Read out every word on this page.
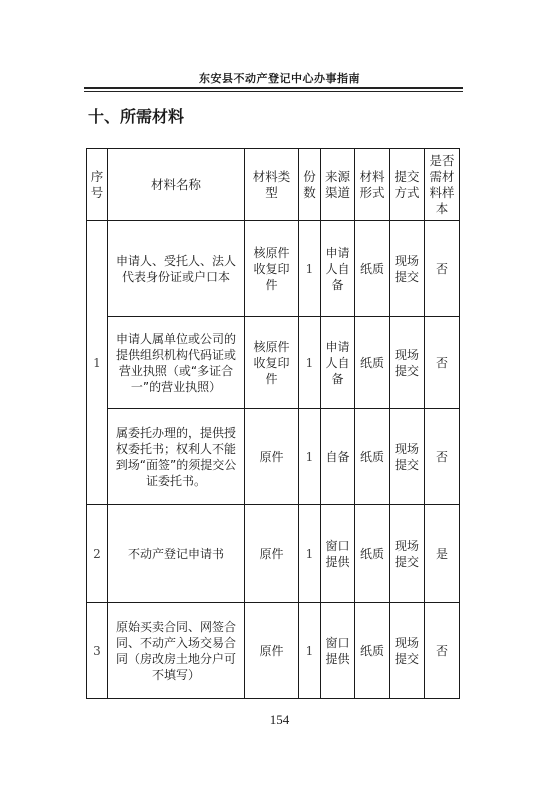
东安县不动产登记中心办事指南
十、所需材料
序号	材料名称	材料类型	份数	来源渠道	材料形式	提交方式	是否需材料样本
1	申请人、受托人、法人代表身份证或户口本	核原件收复印件	1	申请人自备	纸质	现场提交	否
	申请人属单位或公司的提供组织机构代码证或营业执照（或“多证合一”的营业执照）	核原件收复印件	1	申请人自备	纸质	现场提交	否
	属委托办理的，提供授权委托书；权利人不能到场“面签”的须提交公证委托书。	原件	1	自备	纸质	现场提交	否
2	不动产登记申请书	原件	1	窗口提供	纸质	现场提交	是
3	原始买卖合同、网签合同、不动产入场交易合同（房改房土地分户可不填写）	原件	1	窗口提供	纸质	现场提交	否
154
